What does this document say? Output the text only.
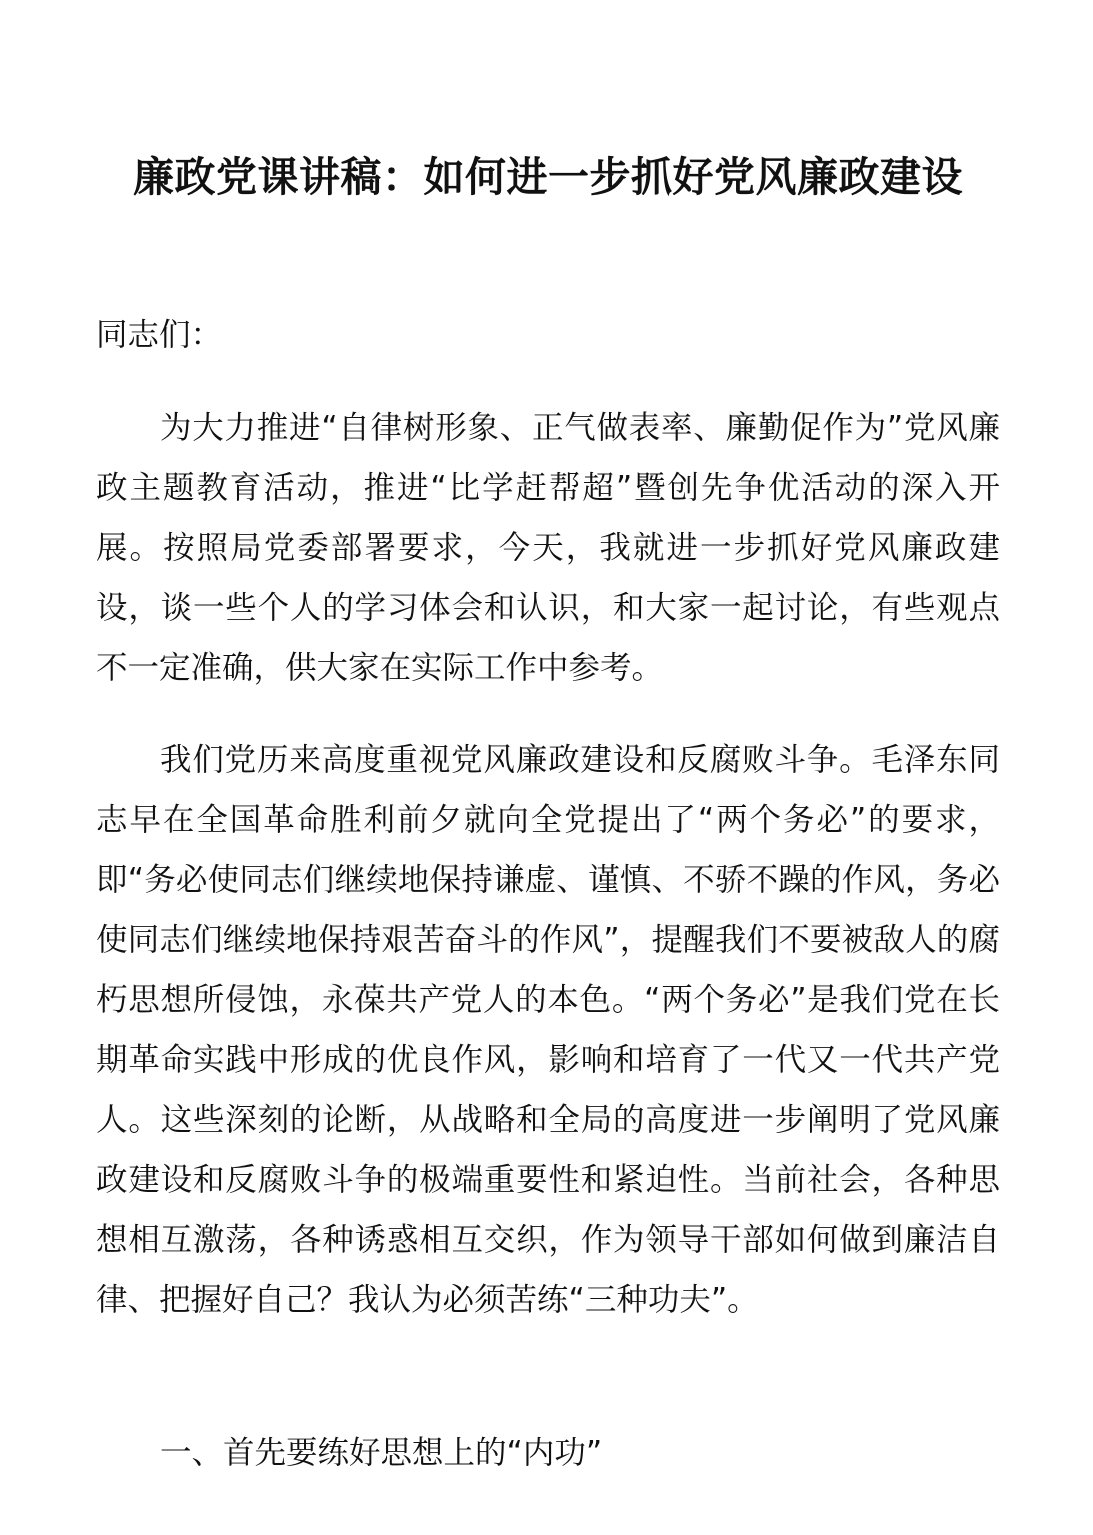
廉政党课讲稿：如何进一步抓好党风廉政建设

同志们：

为大力推进“自律树形象、正气做表率、廉勤促作为”党风廉政主题教育活动，推进“比学赶帮超”暨创先争优活动的深入开展。按照局党委部署要求，今天，我就进一步抓好党风廉政建设，谈一些个人的学习体会和认识，和大家一起讨论，有些观点不一定准确，供大家在实际工作中参考。

我们党历来高度重视党风廉政建设和反腐败斗争。毛泽东同志早在全国革命胜利前夕就向全党提出了“两个务必”的要求，即“务必使同志们继续地保持谦虚、谨慎、不骄不躁的作风，务必使同志们继续地保持艰苦奋斗的作风”，提醒我们不要被敌人的腐朽思想所侵蚀，永葆共产党人的本色。“两个务必”是我们党在长期革命实践中形成的优良作风，影响和培育了一代又一代共产党人。这些深刻的论断，从战略和全局的高度进一步阐明了党风廉政建设和反腐败斗争的极端重要性和紧迫性。当前社会，各种思想相互激荡，各种诱惑相互交织，作为领导干部如何做到廉洁自律、把握好自己？我认为必须苦练“三种功夫”。

一、首先要练好思想上的“内功”
